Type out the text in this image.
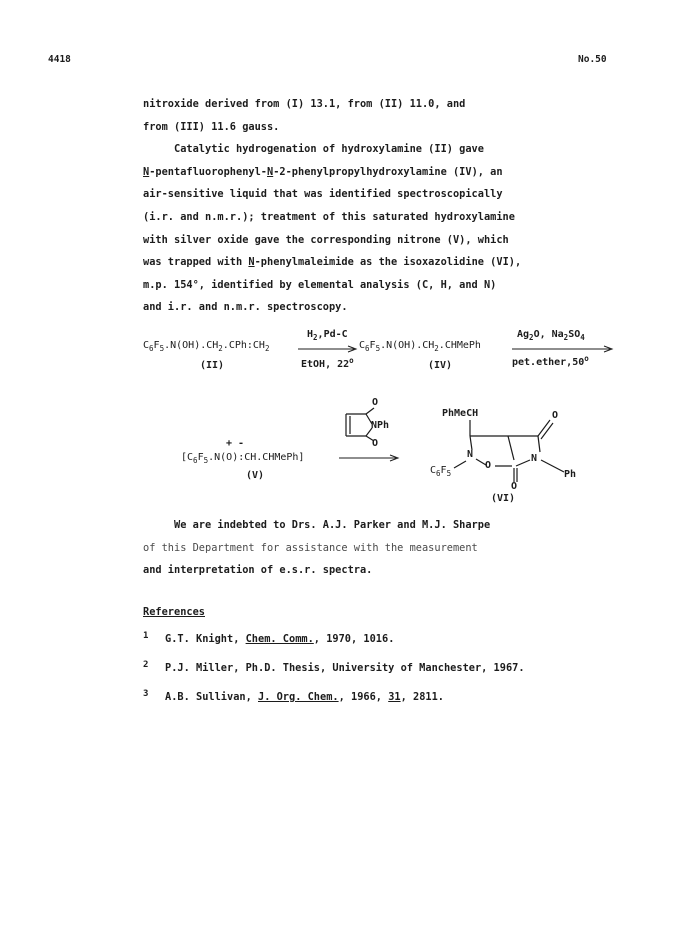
4418	No.50
nitroxide derived from (I) 13.1, from (II) 11.0, and
from (III) 11.6 gauss.
Catalytic hydrogenation of hydroxylamine (II) gave
N-pentafluorophenyl-N-2-phenylpropylhydroxylamine (IV), an
air-sensitive liquid that was identified spectroscopically
(i.r. and n.m.r.); treatment of this saturated hydroxylamine
with silver oxide gave the corresponding nitrone (V), which
was trapped with N-phenylmaleimide as the isoxazolidine (VI),
m.p. 154°, identified by elemental analysis (C, H, and N)
and i.r. and n.m.r. spectroscopy.
$C_6F_5.N(OH).CH_2.CPh:CH_2$
(II)
$H_2,Pd-C$
EtOH, 22$^o$
$C_6F_5.N(OH).CH_2.CHMePh$
(IV)
$Ag_2O$, $Na_2SO_4$
$pet.ether,50^o$
+ -
$[C_6F_5.N(O):CH.CHMePh]$
(V)
O
NPh
O
PhMeCH	O
N
$C_6F_5$
O
N
Ph
O
(VI)
We are indebted to Drs. A.J. Parker and M.J. Sharpe
of this Department for assistance with the measurement
and interpretation of e.s.r. spectra.
References
1 G.T. Knight, Chem. Comm., 1970, 1016.
2 P.J. Miller, Ph.D. Thesis, University of Manchester, 1967.
3 A.B. Sullivan, J. Org. Chem., 1966, 31, 2811.
